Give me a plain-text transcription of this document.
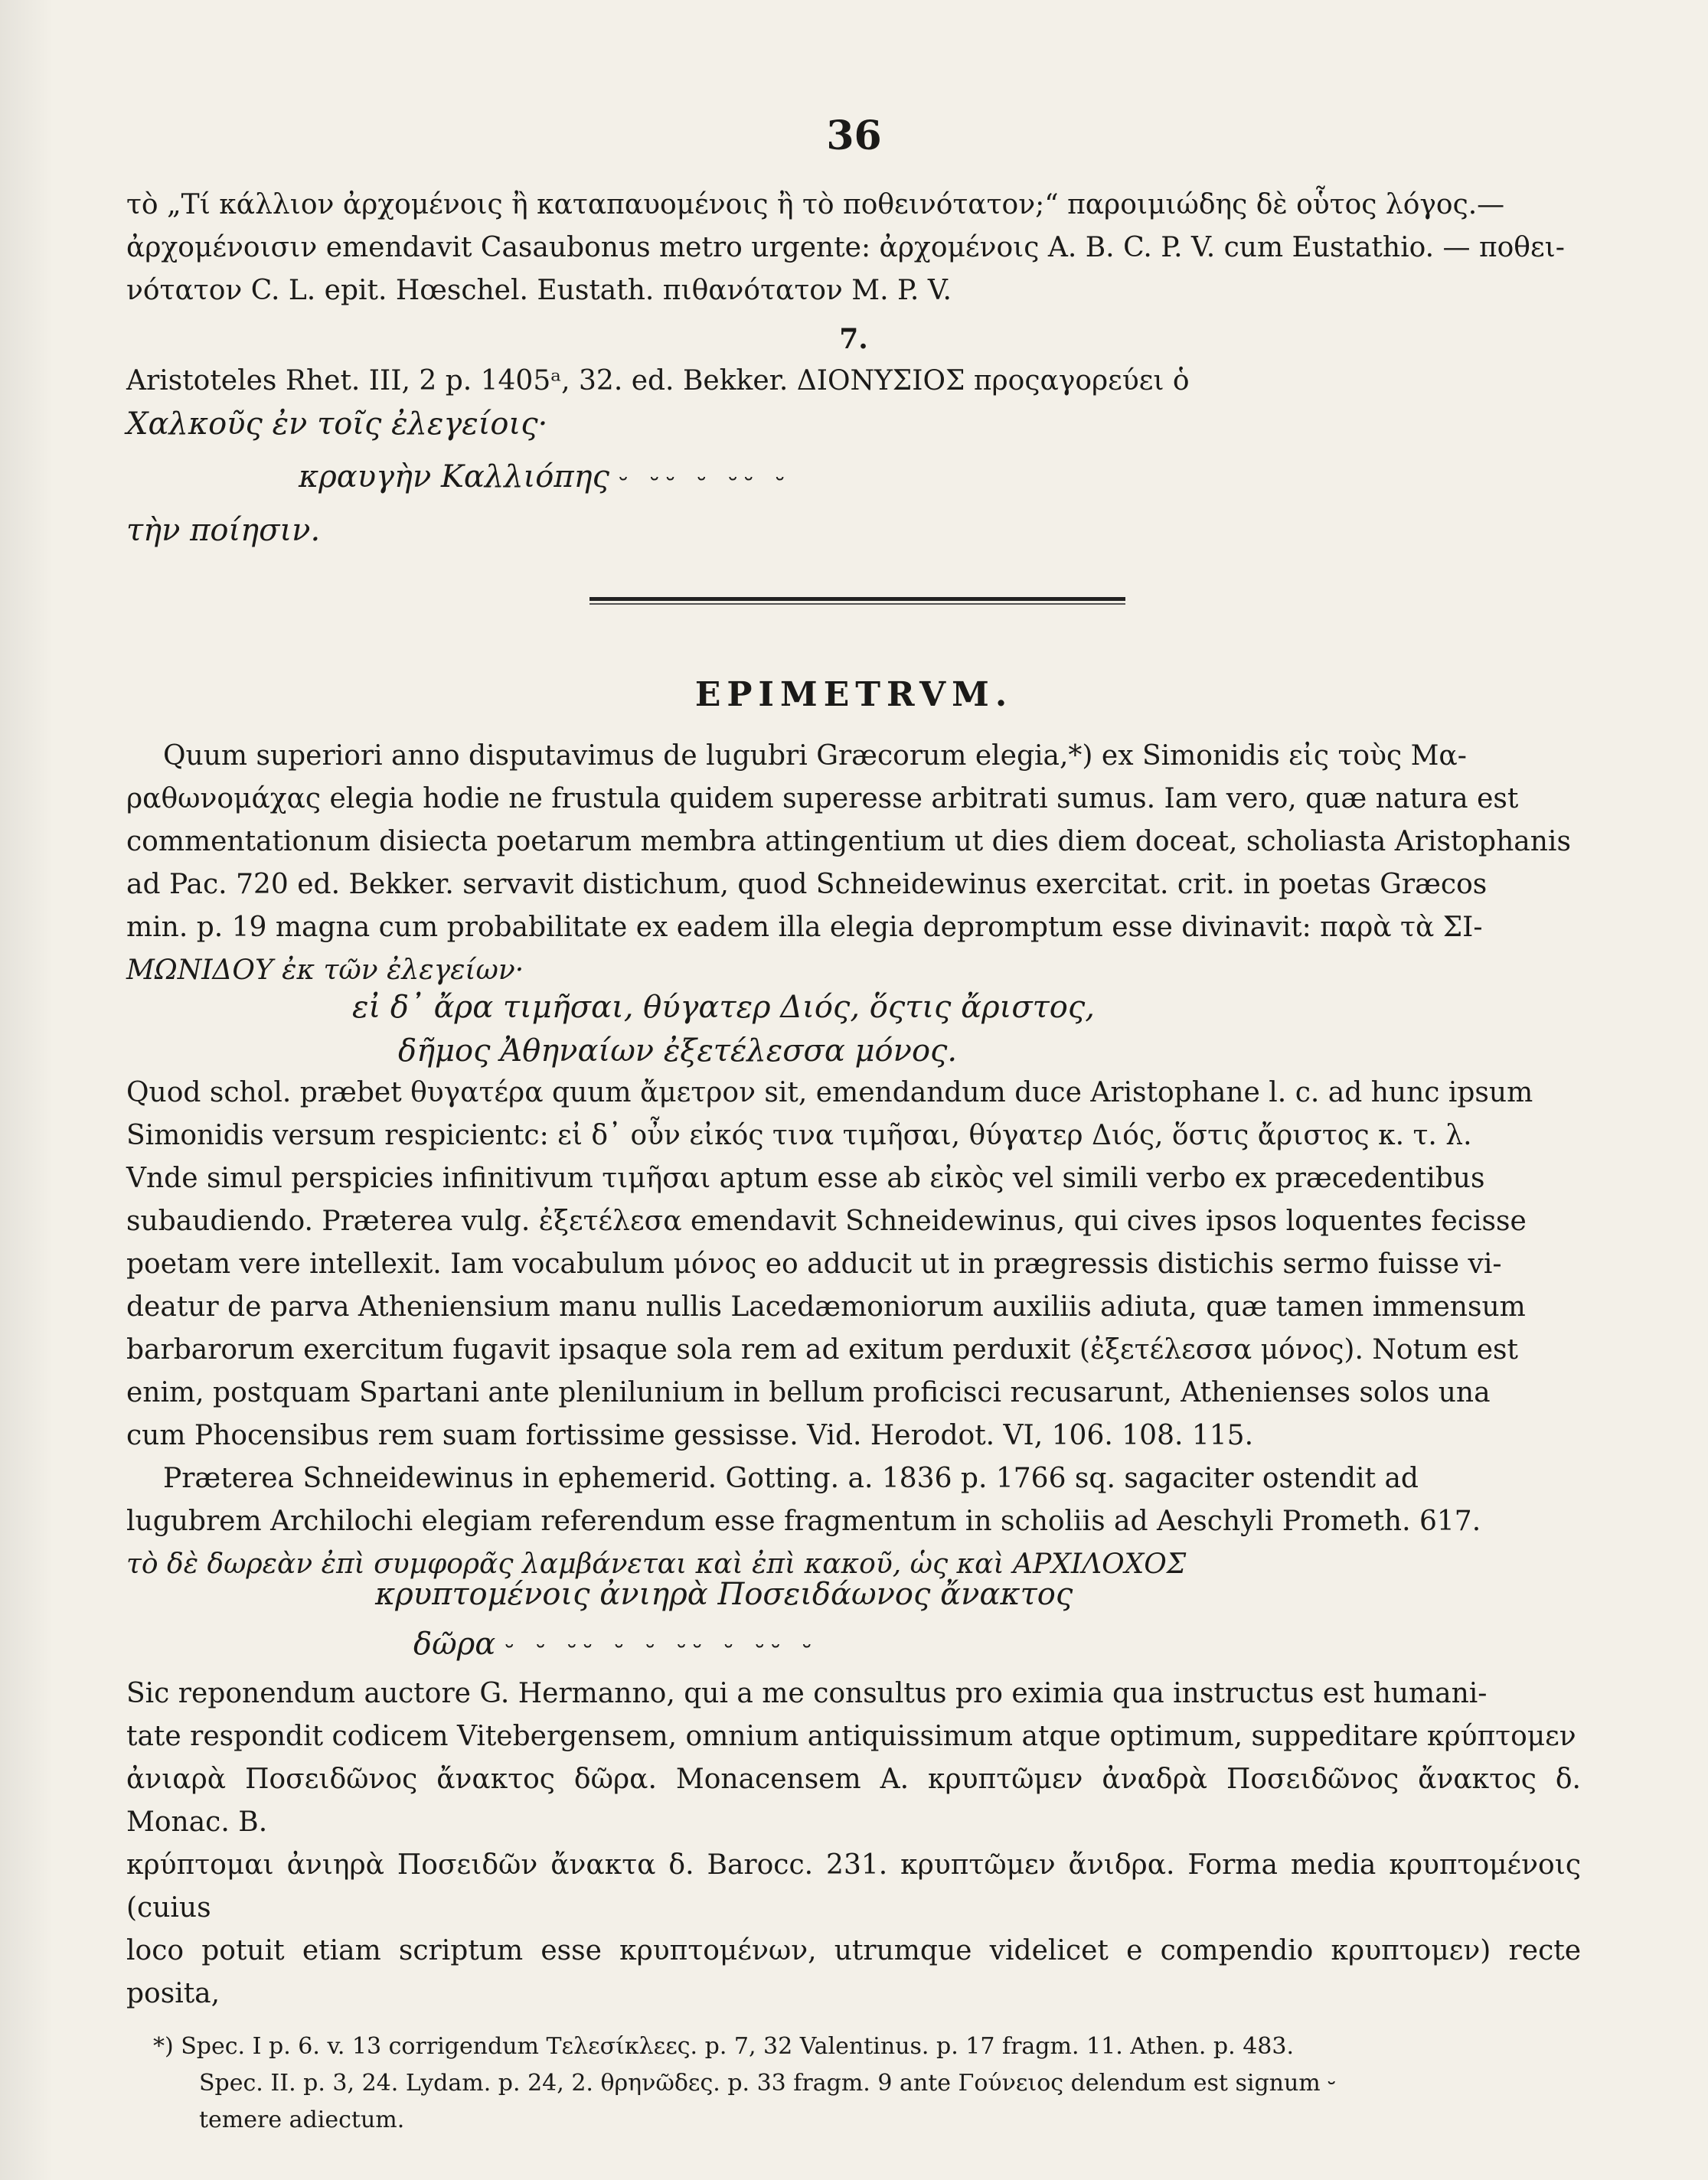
36

τὸ „Τί κάλλιον ἀρχομένοις ἢ καταπαυομένοις ἢ τὸ ποθεινότατον;“ παροιμιώδης δὲ οὗτος λόγος.—

ἀρχομένοισιν emendavit Casaubonus metro urgente: ἀρχομένοις A. B. C. P. V. cum Eustathio. — ποθει-

νότατον C. L. epit. Hœschel. Eustath. πιθανότατον M. P. V.

7.

Aristoteles Rhet. III, 2 p. 1405ᵃ, 32. ed. Bekker. ΔΙΟΝΥΣΙΟΣ προςαγορεύει ὁ

Χαλκοῦς ἐν τοῖς ἐλεγείοις·

κραυγὴν Καλλιόπης ⏑ ⏑⏑ ⏑ ⏑⏑ ⏑
τὴν ποίησιν.
EPIMETRVM.

Quum superiori anno disputavimus de lugubri Græcorum elegia,*) ex Simonidis εἰς τοὺς Μα-

ραθωνομάχας elegia hodie ne frustula quidem superesse arbitrati sumus. Iam vero, quæ natura est

commentationum disiecta poetarum membra attingentium ut dies diem doceat, scholiasta Aristophanis

ad Pac. 720 ed. Bekker. servavit distichum, quod Schneidewinus exercitat. crit. in poetas Græcos

min. p. 19 magna cum probabilitate ex eadem illa elegia depromptum esse divinavit: παρὰ τὰ ΣΙ-

ΜΩΝΙΔΟΥ ἐκ τῶν ἐλεγείων·

εἰ δ᾽ ἄρα τιμῆσαι, θύγατερ Διός, ὅςτις ἄριστος,
δῆμος Ἀθηναίων ἐξετέλεσσα μόνος.

Quod schol. præbet θυγατέρα quum ἄμετρον sit, emendandum duce Aristophane l. c. ad hunc ipsum

Simonidis versum respicientc: εἰ δ᾽ οὖν εἰκός τινα τιμῆσαι, θύγατερ Διός, ὅστις ἄριστος κ. τ. λ.

Vnde simul perspicies infinitivum τιμῆσαι aptum esse ab εἰκὸς vel simili verbo ex præcedentibus

subaudiendo. Præterea vulg. ἐξετέλεσα emendavit Schneidewinus, qui cives ipsos loquentes fecisse

poetam vere intellexit. Iam vocabulum μόνος eo adducit ut in prægressis distichis sermo fuisse vi-

deatur de parva Atheniensium manu nullis Lacedæmoniorum auxiliis adiuta, quæ tamen immensum

barbarorum exercitum fugavit ipsaque sola rem ad exitum perduxit (ἐξετέλεσσα μόνος). Notum est

enim, postquam Spartani ante plenilunium in bellum proficisci recusarunt, Athenienses solos una

cum Phocensibus rem suam fortissime gessisse. Vid. Herodot. VI, 106. 108. 115.

Præterea Schneidewinus in ephemerid. Gotting. a. 1836 p. 1766 sq. sagaciter ostendit ad

lugubrem Archilochi elegiam referendum esse fragmentum in scholiis ad Aeschyli Prometh. 617.

τὸ δὲ δωρεὰν ἐπὶ συμφορᾶς λαμβάνεται καὶ ἐπὶ κακοῦ, ὡς καὶ ΑΡΧΙΛΟΧΟΣ

κρυπτομένοις ἀνιηρὰ Ποσειδάωνος ἄνακτος
δῶρα ⏑ ⏑ ⏑⏑ ⏑ ⏑ ⏑⏑ ⏑ ⏑⏑ ⏑

Sic reponendum auctore G. Hermanno, qui a me consultus pro eximia qua instructus est humani-

tate respondit codicem Vitebergensem, omnium antiquissimum atque optimum, suppeditare κρύπτομεν

ἀνιαρὰ Ποσειδῶνος ἄνακτος δῶρα. Monacensem A. κρυπτῶμεν ἀναδρὰ Ποσειδῶνος ἄνακτος δ. Monac. B.

κρύπτομαι ἀνιηρὰ Ποσειδῶν ἄνακτα δ. Barocc. 231. κρυπτῶμεν ἄνιδρα. Forma media κρυπτομένοις (cuius

loco potuit etiam scriptum esse κρυπτομένων, utrumque videlicet e compendio κρυπτομεν) recte posita,

*) Spec. I p. 6. v. 13 corrigendum Τελεσίκλεες. p. 7, 32 Valentinus. p. 17 fragm. 11. Athen. p. 483.

Spec. II. p. 3, 24. Lydam. p. 24, 2. θρηνῶδες. p. 33 fragm. 9 ante Γούνειος delendum est signum ⏑

temere adiectum.
